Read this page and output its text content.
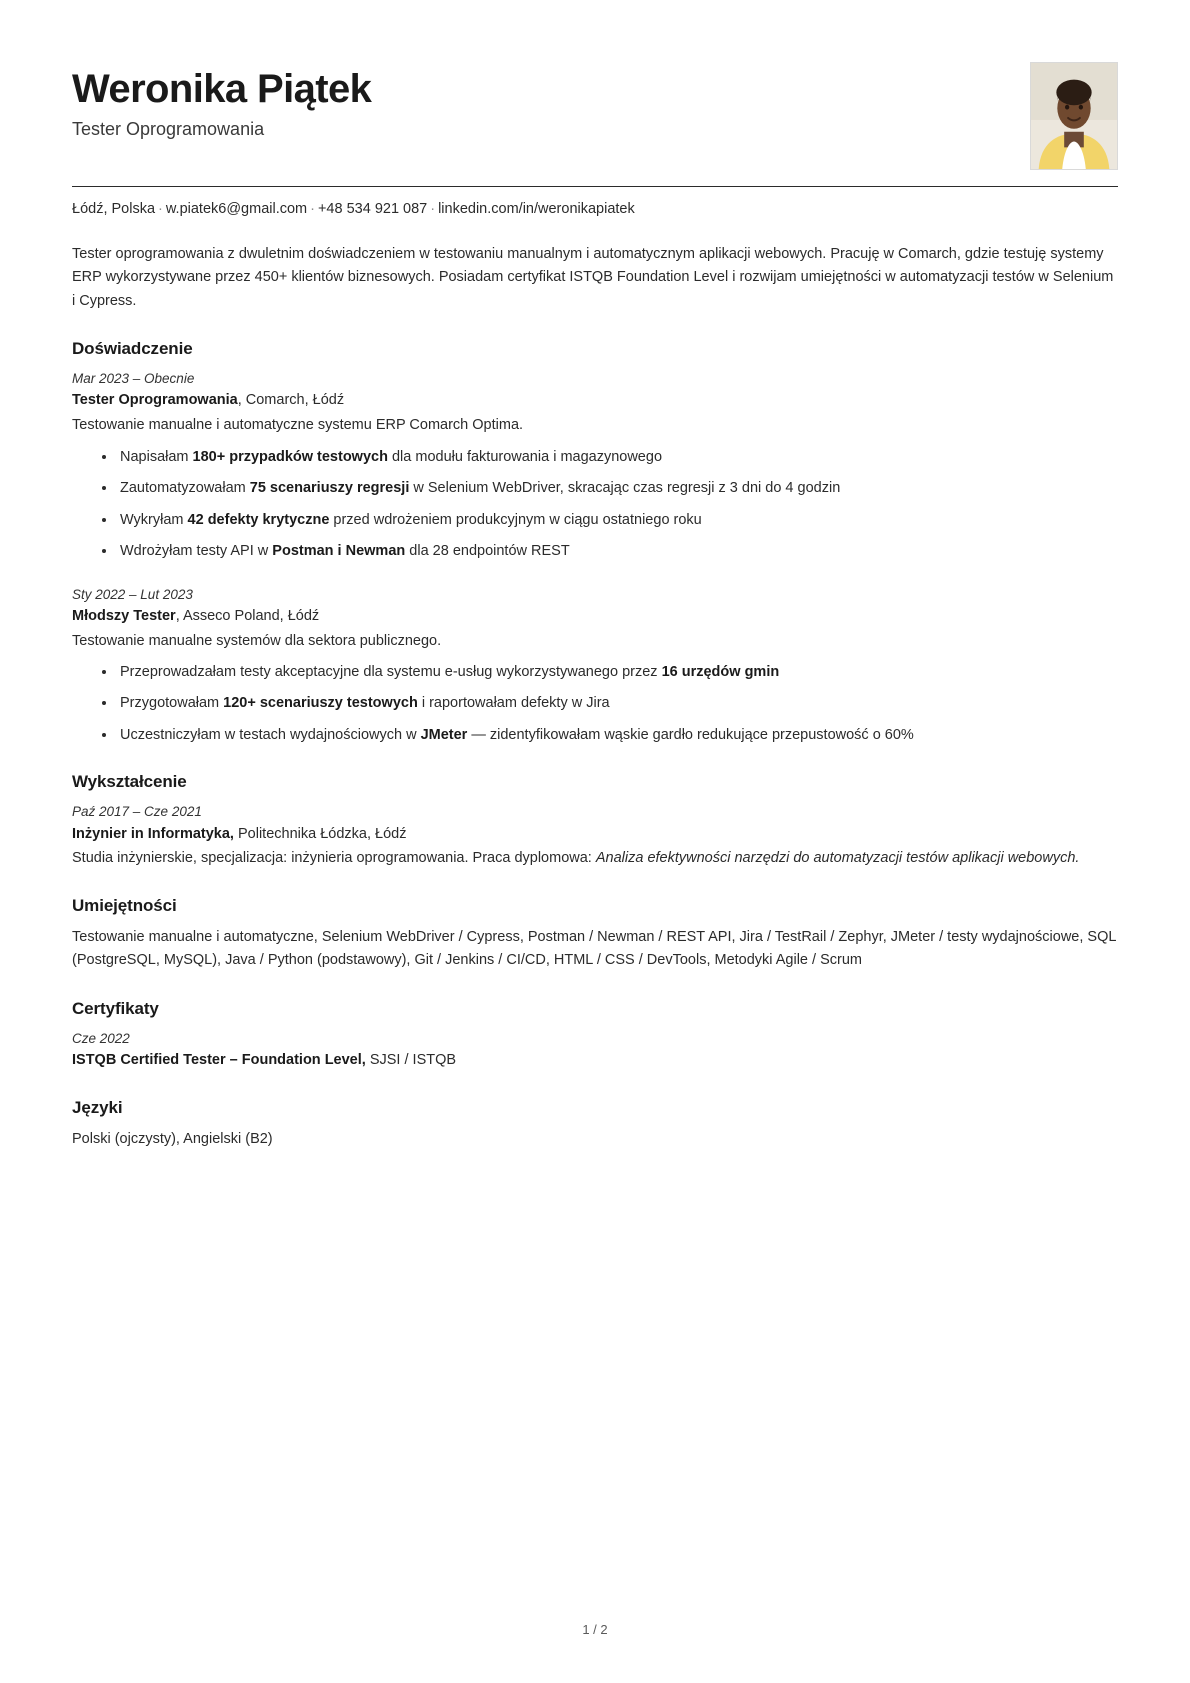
Weronika Piątek

Tester Oprogramowania

Łódź, Polska · w.piatek6@gmail.com · +48 534 921 087 · linkedin.com/in/weronikapiatek
Tester oprogramowania z dwuletnim doświadczeniem w testowaniu manualnym i automatycznym aplikacji webowych. Pracuję w Comarch, gdzie testuję systemy ERP wykorzystywane przez 450+ klientów biznesowych. Posiadam certyfikat ISTQB Foundation Level i rozwijam umiejętności w automatyzacji testów w Selenium i Cypress.
Doświadczenie
Mar 2023 – Obecnie
Tester Oprogramowania, Comarch, Łódź
Testowanie manualne i automatyczne systemu ERP Comarch Optima.
Napisałam 180+ przypadków testowych dla modułu fakturowania i magazynowego
Zautomatyzowałam 75 scenariuszy regresji w Selenium WebDriver, skracając czas regresji z 3 dni do 4 godzin
Wykryłam 42 defekty krytyczne przed wdrożeniem produkcyjnym w ciągu ostatniego roku
Wdrożyłam testy API w Postman i Newman dla 28 endpointów REST
Sty 2022 – Lut 2023
Młodszy Tester, Asseco Poland, Łódź
Testowanie manualne systemów dla sektora publicznego.
Przeprowadzałam testy akceptacyjne dla systemu e-usług wykorzystywanego przez 16 urzędów gmin
Przygotowałam 120+ scenariuszy testowych i raportowałam defekty w Jira
Uczestniczyłam w testach wydajnościowych w JMeter — zidentyfikowałam wąskie gardło redukujące przepustowość o 60%
Wykształcenie
Paź 2017 – Cze 2021
Inżynier in Informatyka, Politechnika Łódzka, Łódź
Studia inżynierskie, specjalizacja: inżynieria oprogramowania. Praca dyplomowa: Analiza efektywności narzędzi do automatyzacji testów aplikacji webowych.
Umiejętności
Testowanie manualne i automatyczne, Selenium WebDriver / Cypress, Postman / Newman / REST API, Jira / TestRail / Zephyr, JMeter / testy wydajnościowe, SQL (PostgreSQL, MySQL), Java / Python (podstawowy), Git / Jenkins / CI/CD, HTML / CSS / DevTools, Metodyki Agile / Scrum
Certyfikaty
Cze 2022
ISTQB Certified Tester – Foundation Level, SJSI / ISTQB
Języki
Polski (ojczysty), Angielski (B2)
1 / 2
